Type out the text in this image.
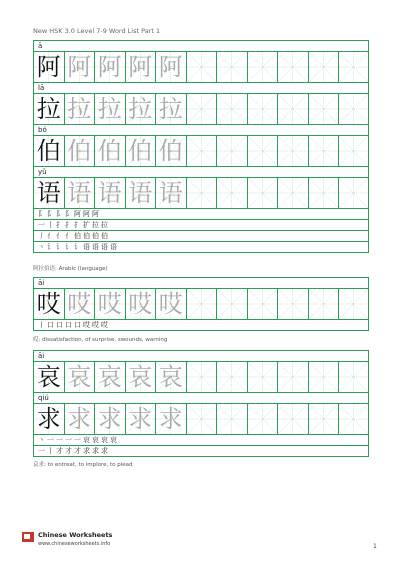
New HSK 3.0 Level 7-9 Word List Part 1
ā
阿 阿 阿 阿 阿
lā
拉 拉 拉 拉 拉
bó
伯 伯 伯 伯 伯
yǔ
语 语 语 语 语
阝阝阝阝阿阿阿
一丨扌扌扌扩拉拉
丿亻亻亻伯伯伯伯
丶讠讠讠讠语语语语
阿拉伯语: Arabic (language)
āi
哎 哎 哎 哎 哎
丨口口口口哎哎哎
哎: dissatisfaction, of surprise, swounds, warning
āi
哀 哀 哀 哀 哀
qiú
求 求 求 求 求
丶一一一一哀哀哀哀
一丨才才才求求求
哀求: to entreat, to implore, to plead
Chinese Worksheets
www.chineseworksheets.info	1
